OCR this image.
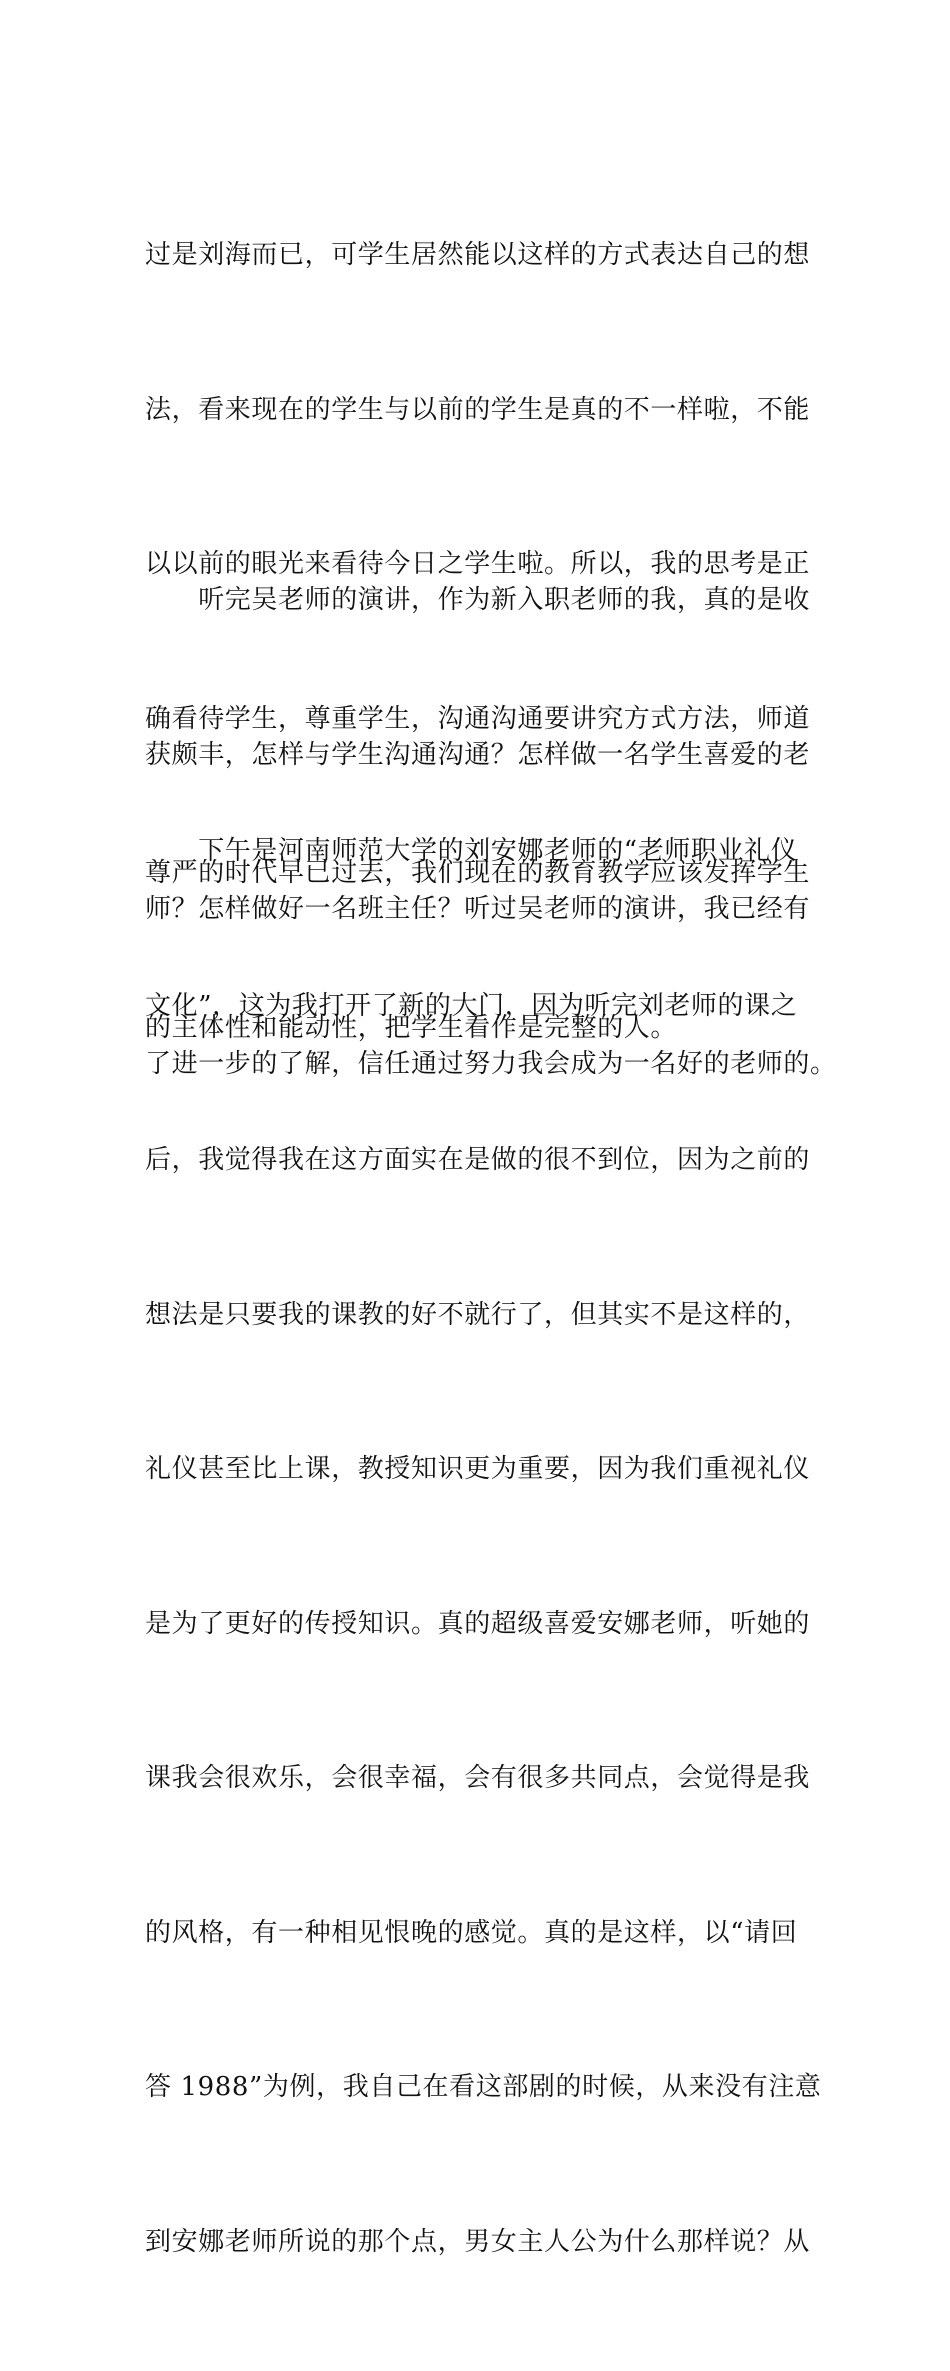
过是刘海而已，可学生居然能以这样的方式表达自己的想

法，看来现在的学生与以前的学生是真的不一样啦，不能

以以前的眼光来看待今日之学生啦。所以，我的思考是正

确看待学生，尊重学生，沟通沟通要讲究方式方法，师道

尊严的时代早已过去，我们现在的教育教学应该发挥学生

的主体性和能动性，把学生看作是完整的人。

　　听完吴老师的演讲，作为新入职老师的我，真的是收

获颇丰，怎样与学生沟通沟通？怎样做一名学生喜爱的老

师？怎样做好一名班主任？听过吴老师的演讲，我已经有

了进一步的了解，信任通过努力我会成为一名好的老师的。

　　下午是河南师范大学的刘安娜老师的“老师职业礼仪

文化”，这为我打开了新的大门，因为听完刘老师的课之

后，我觉得我在这方面实在是做的很不到位，因为之前的

想法是只要我的课教的好不就行了，但其实不是这样的，

礼仪甚至比上课，教授知识更为重要，因为我们重视礼仪

是为了更好的传授知识。真的超级喜爱安娜老师，听她的

课我会很欢乐，会很幸福，会有很多共同点，会觉得是我

的风格，有一种相见恨晚的感觉。真的是这样，以“请回

答 1988”为例，我自己在看这部剧的时候，从来没有注意

到安娜老师所说的那个点，男女主人公为什么那样说？从
